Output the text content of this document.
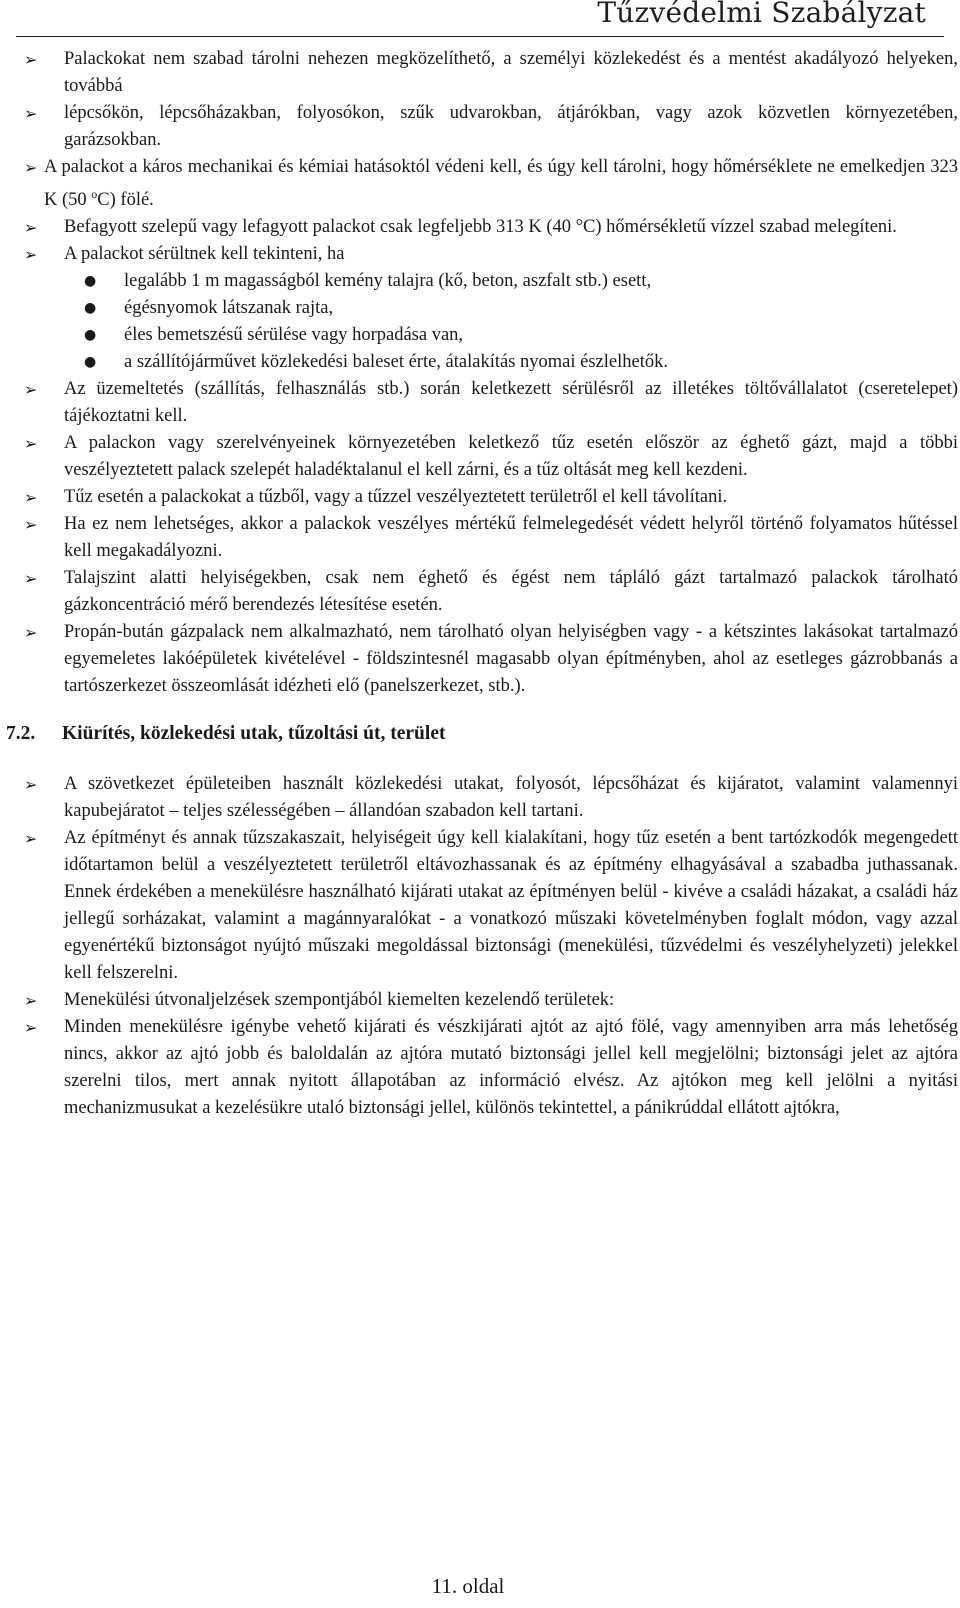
Tűzvédelmi Szabályzat

➢	Palackokat nem szabad tárolni nehezen megközelíthető, a személyi közlekedést és a mentést akadályozó helyeken, továbbá

➢	lépcsőkön, lépcsőházakban, folyosókon, szűk udvarokban, átjárókban, vagy azok közvetlen környezetében, garázsokban.

➢ A palackot a káros mechanikai és kémiai hatásoktól védeni kell, és úgy kell tárolni, hogy hőmérséklete ne emelkedjen 323 K (50 $^o$C) fölé.

➢	Befagyott szelepű vagy lefagyott palackot csak legfeljebb 313 K (40 °C) hőmérsékletű vízzel szabad melegíteni.

➢	A palackot sérültnek kell tekinteni, ha

● legalább 1 m magasságból kemény talajra (kő, beton, aszfalt stb.) esett,

● égésnyomok látszanak rajta,

● éles bemetszésű sérülése vagy horpadása van,

● a szállítójárművet közlekedési baleset érte, átalakítás nyomai észlelhetők.

➢	Az üzemeltetés (szállítás, felhasználás stb.) során keletkezett sérülésről az illetékes töltővállalatot (cseretelepet) tájékoztatni kell.

➢	A palackon vagy szerelvényeinek környezetében keletkező tűz esetén először az éghető gázt, majd a többi veszélyeztetett palack szelepét haladéktalanul el kell zárni, és a tűz oltását meg kell kezdeni.

➢	Tűz esetén a palackokat a tűzből, vagy a tűzzel veszélyeztetett területről el kell távolítani.

➢	Ha ez nem lehetséges, akkor a palackok veszélyes mértékű felmelegedését védett helyről történő folyamatos hűtéssel kell megakadályozni.

➢	Talajszint alatti helyiségekben, csak nem éghető és égést nem tápláló gázt tartalmazó palackok tárolható gázkoncentráció mérő berendezés létesítése esetén.

➢	Propán-bután gázpalack nem alkalmazható, nem tárolható olyan helyiségben vagy - a kétszintes lakásokat tartalmazó egyemeletes lakóépületek kivételével - földszintesnél magasabb olyan építményben, ahol az esetleges gázrobbanás a tartószerkezet összeomlását idézheti elő (panelszerkezet, stb.).

7.2. Kiürítés, közlekedési utak, tűzoltási út, terület

➢	A szövetkezet épületeiben használt közlekedési utakat, folyosót, lépcsőházat és kijáratot, valamint valamennyi kapubejáratot – teljes szélességében – állandóan szabadon kell tartani.

➢	Az építményt és annak tűzszakaszait, helyiségeit úgy kell kialakítani, hogy tűz esetén a bent tartózkodók megengedett időtartamon belül a veszélyeztetett területről eltávozhassanak és az építmény elhagyásával a szabadba juthassanak. Ennek érdekében a menekülésre használható kijárati utakat az építményen belül - kivéve a családi házakat, a családi ház jellegű sorházakat, valamint a magánnyaralókat - a vonatkozó műszaki követelményben foglalt módon, vagy azzal egyenértékű biztonságot nyújtó műszaki megoldással biztonsági (menekülési, tűzvédelmi és veszélyhelyzeti) jelekkel kell felszerelni.

➢	Menekülési útvonaljelzések szempontjából kiemelten kezelendő területek:

➢	Minden menekülésre igénybe vehető kijárati és vészkijárati ajtót az ajtó fölé, vagy amennyiben arra más lehetőség nincs, akkor az ajtó jobb és baloldalán az ajtóra mutató biztonsági jellel kell megjelölni; biztonsági jelet az ajtóra szerelni tilos, mert annak nyitott állapotában az információ elvész. Az ajtókon meg kell jelölni a nyitási mechanizmusukat a kezelésükre utaló biztonsági jellel, különös tekintettel, a pánikrúddal ellátott ajtókra,

11. oldal
